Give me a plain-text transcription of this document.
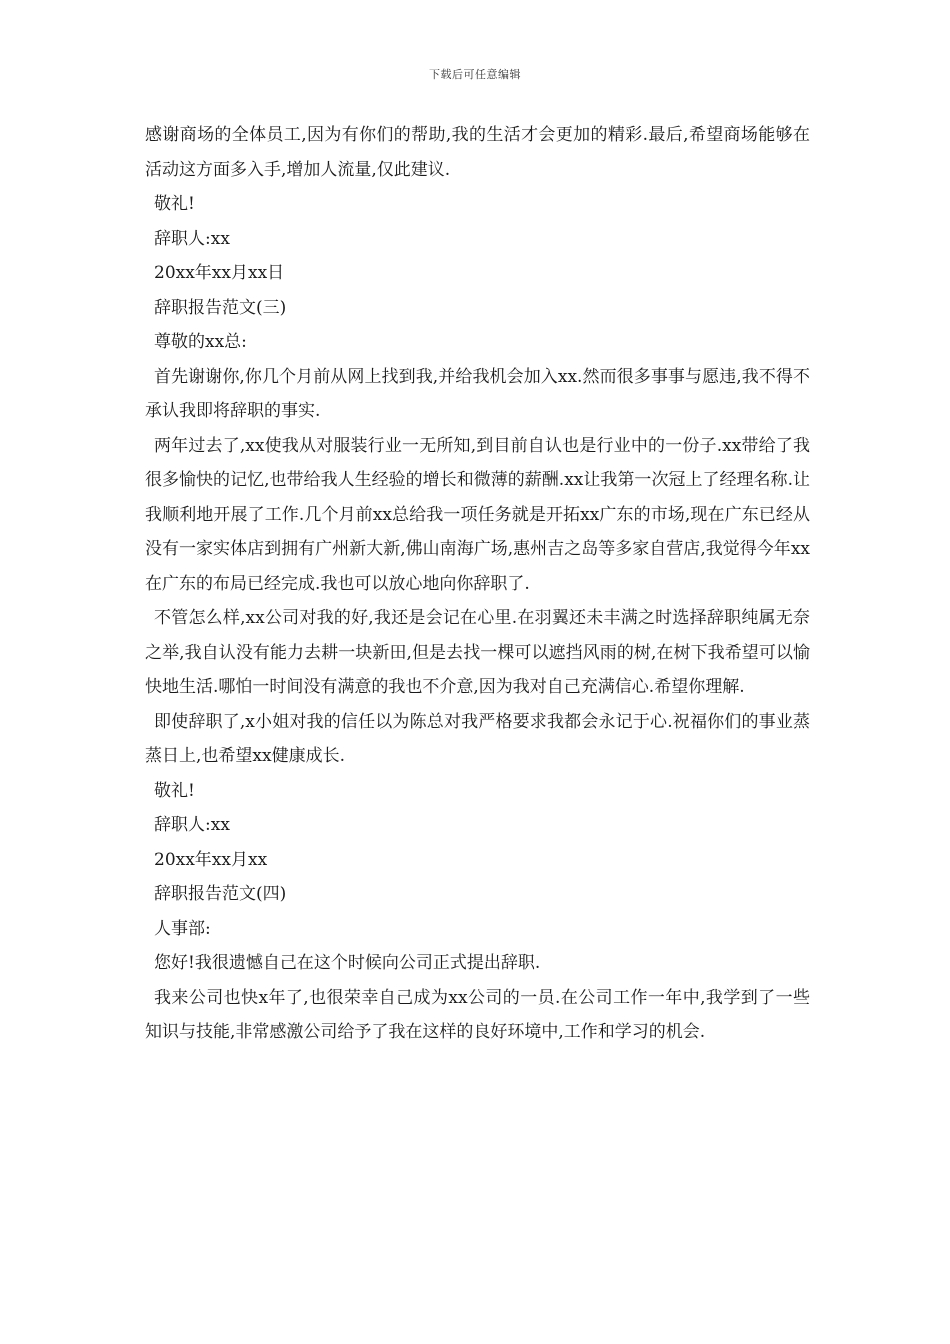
下载后可任意编辑

感谢商场的全体员工,因为有你们的帮助,我的生活才会更加的精彩.最后,希望商场能够在活动这方面多入手,增加人流量,仅此建议.

敬礼!

辞职人:xx

20xx年xx月xx日

辞职报告范文(三)

尊敬的xx总:

首先谢谢你,你几个月前从网上找到我,并给我机会加入xx.然而很多事事与愿违,我不得不承认我即将辞职的事实.

两年过去了,xx使我从对服装行业一无所知,到目前自认也是行业中的一份子.xx带给了我很多愉快的记忆,也带给我人生经验的增长和微薄的薪酬.xx让我第一次冠上了经理名称.让我顺利地开展了工作.几个月前xx总给我一项任务就是开拓xx广东的市场,现在广东已经从没有一家实体店到拥有广州新大新,佛山南海广场,惠州吉之岛等多家自营店,我觉得今年xx在广东的布局已经完成.我也可以放心地向你辞职了.

不管怎么样,xx公司对我的好,我还是会记在心里.在羽翼还未丰满之时选择辞职纯属无奈之举,我自认没有能力去耕一块新田,但是去找一棵可以遮挡风雨的树,在树下我希望可以愉快地生活.哪怕一时间没有满意的我也不介意,因为我对自己充满信心.希望你理解.

即使辞职了,x小姐对我的信任以为陈总对我严格要求我都会永记于心.祝福你们的事业蒸蒸日上,也希望xx健康成长.

敬礼!

辞职人:xx

20xx年xx月xx

辞职报告范文(四)

人事部:

您好!我很遗憾自己在这个时候向公司正式提出辞职.

我来公司也快x年了,也很荣幸自己成为xx公司的一员.在公司工作一年中,我学到了一些知识与技能,非常感激公司给予了我在这样的良好环境中,工作和学习的机会.
